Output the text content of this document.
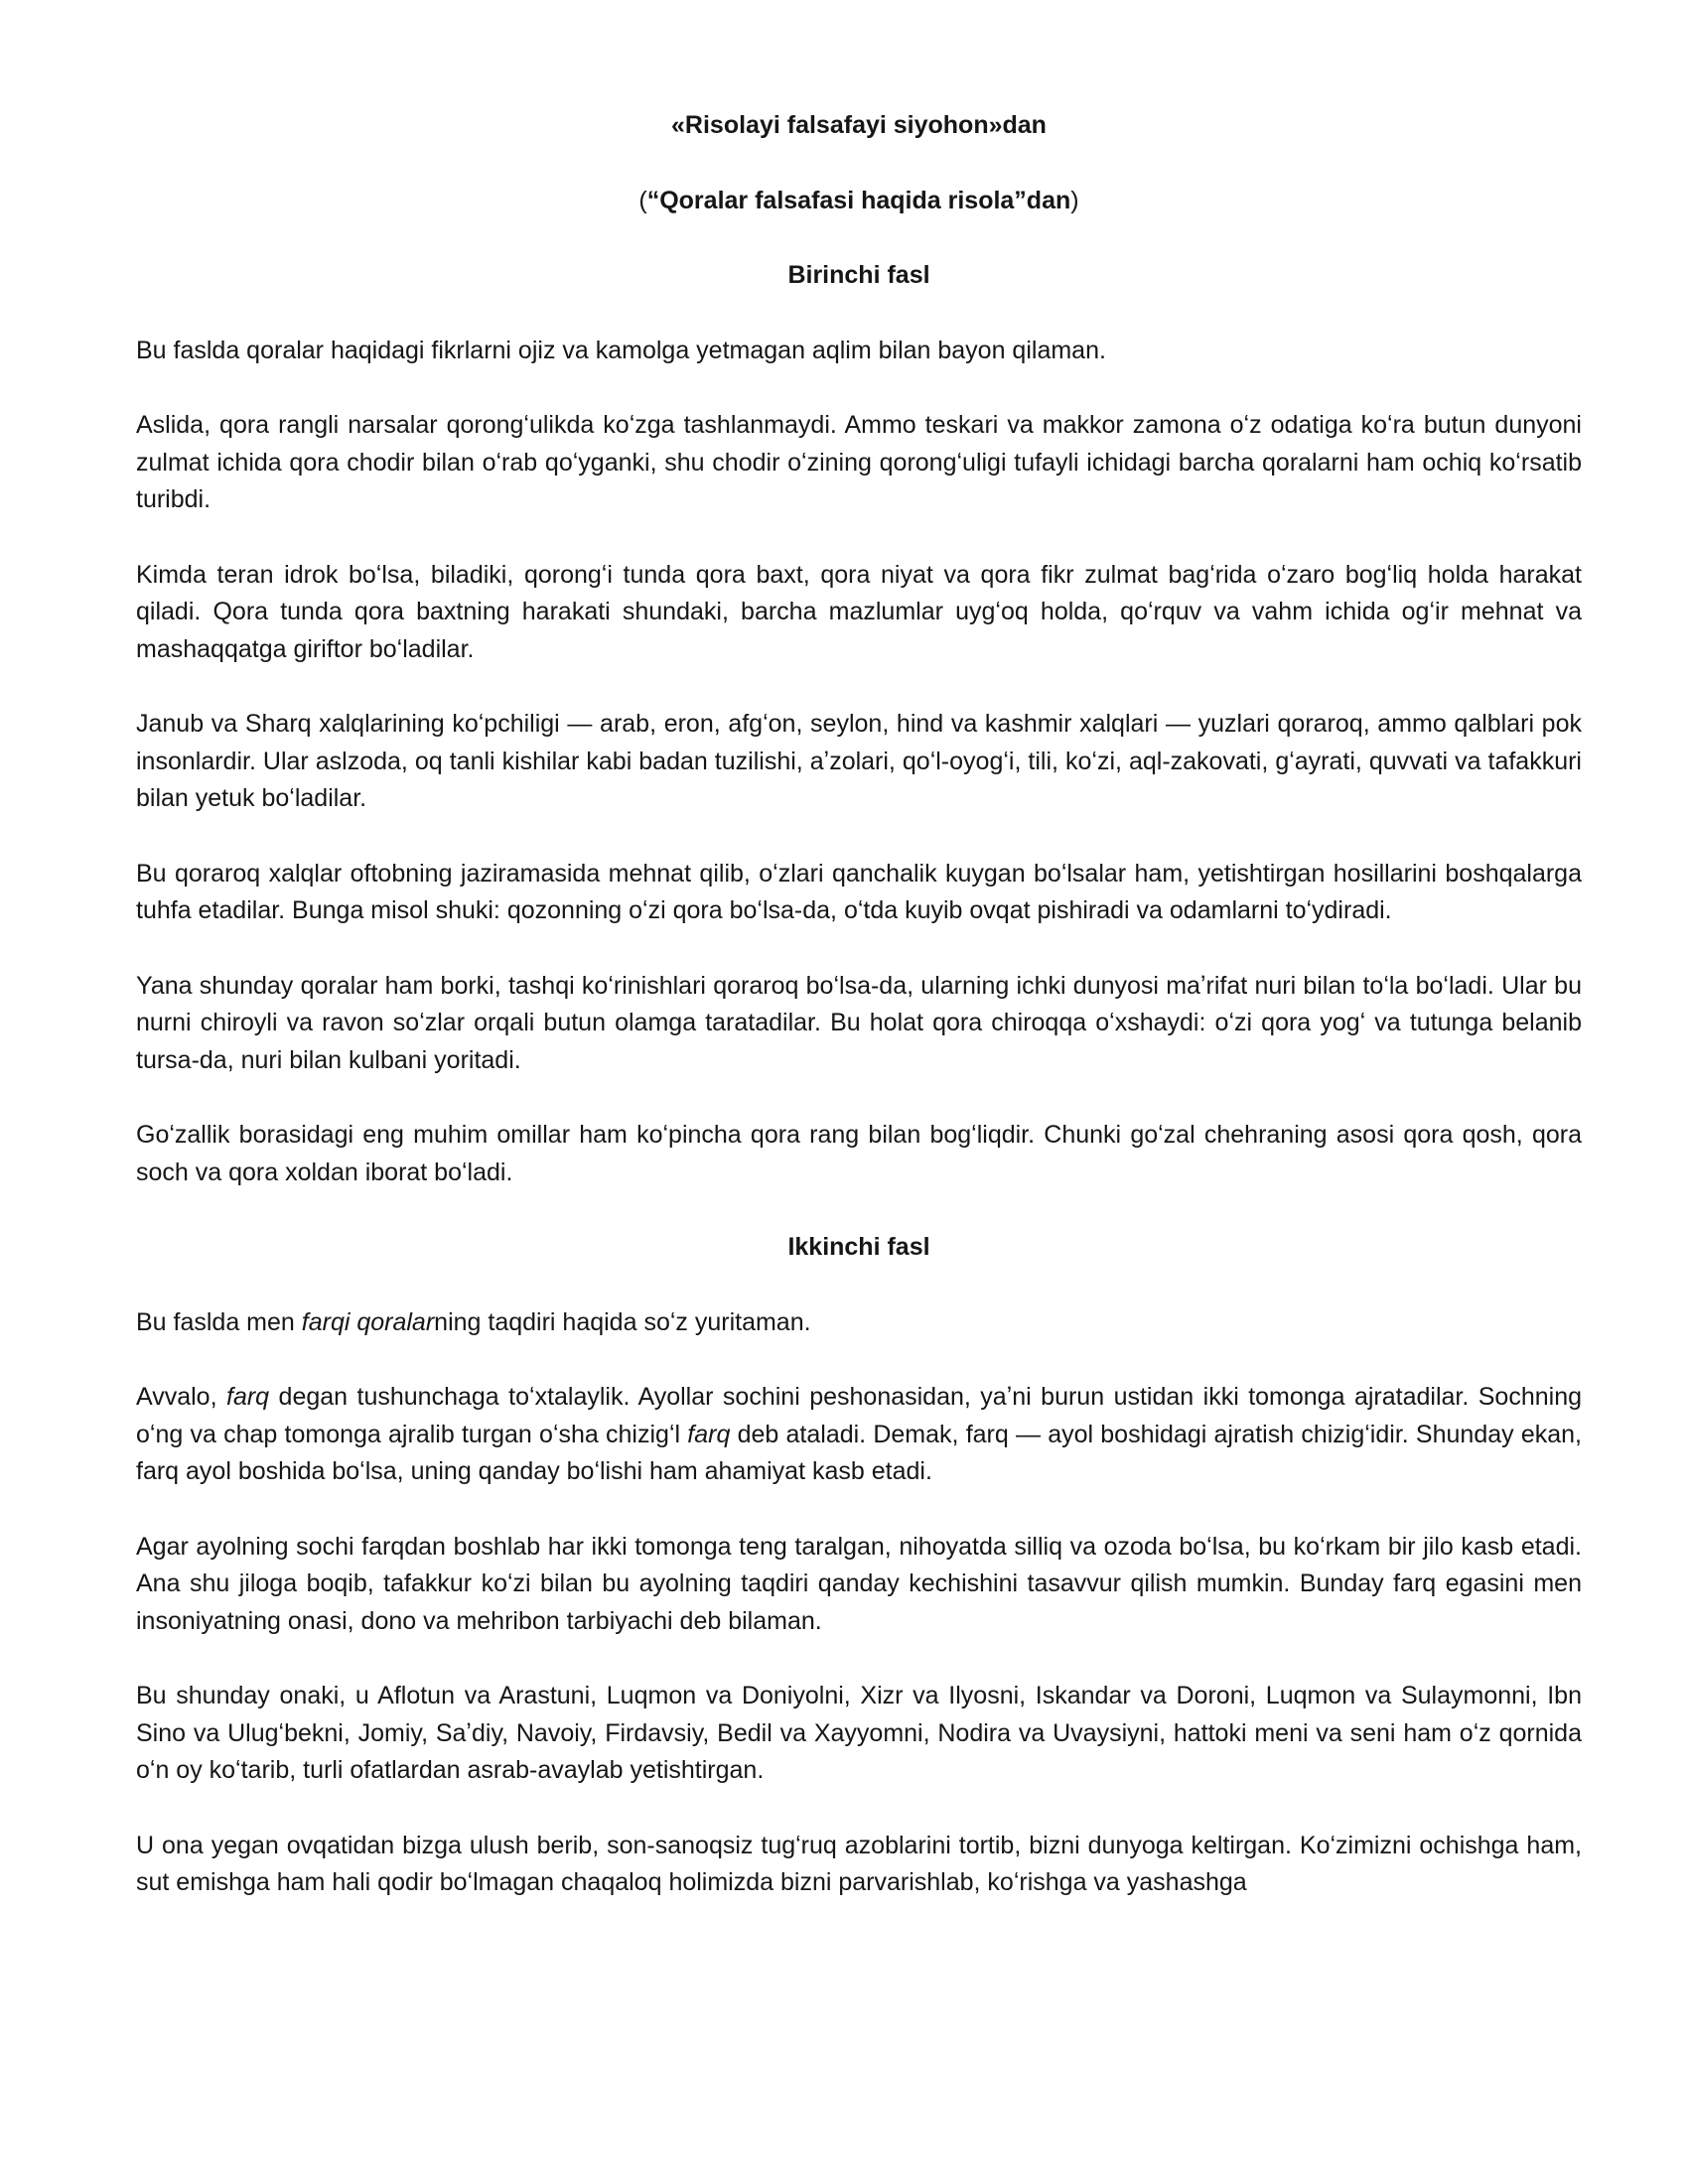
«Risolayi falsafayi siyohon»dan
(“Qoralar falsafasi haqida risola”dan)
Birinchi fasl

Bu faslda qoralar haqidagi fikrlarni ojiz va kamolga yetmagan aqlim bilan bayon qilaman.

Aslida, qora rangli narsalar qorongʻulikda koʻzga tashlanmaydi. Ammo teskari va makkor zamona oʻz odatiga koʻra butun dunyoni zulmat ichida qora chodir bilan oʻrab qoʻyganki, shu chodir oʻzining qorongʻuligi tufayli ichidagi barcha qoralarni ham ochiq koʻrsatib turibdi.

Kimda teran idrok boʻlsa, biladiki, qorongʻi tunda qora baxt, qora niyat va qora fikr zulmat bagʻrida oʻzaro bogʻliq holda harakat qiladi. Qora tunda qora baxtning harakati shundaki, barcha mazlumlar uygʻoq holda, qoʻrquv va vahm ichida ogʻir mehnat va mashaqqatga giriftor boʻladilar.

Janub va Sharq xalqlarining koʻpchiligi — arab, eron, afgʻon, seylon, hind va kashmir xalqlari — yuzlari qoraroq, ammo qalblari pok insonlardir. Ular aslzoda, oq tanli kishilar kabi badan tuzilishi, aʼzolari, qoʻl-oyogʻi, tili, koʻzi, aql-zakovati, gʻayrati, quvvati va tafakkuri bilan yetuk boʻladilar.

Bu qoraroq xalqlar oftobning jaziramasida mehnat qilib, oʻzlari qanchalik kuygan boʻlsalar ham, yetishtirgan hosillarini boshqalarga tuhfa etadilar. Bunga misol shuki: qozonning oʻzi qora boʻlsa-da, oʻtda kuyib ovqat pishiradi va odamlarni toʻydiradi.

Yana shunday qoralar ham borki, tashqi koʻrinishlari qoraroq boʻlsa-da, ularning ichki dunyosi maʼrifat nuri bilan toʻla boʻladi. Ular bu nurni chiroyli va ravon soʻzlar orqali butun olamga taratadilar. Bu holat qora chiroqqa oʻxshaydi: oʻzi qora yogʻ va tutunga belanib tursa-da, nuri bilan kulbani yoritadi.

Goʻzallik borasidagi eng muhim omillar ham koʻpincha qora rang bilan bogʻliqdir. Chunki goʻzal chehraning asosi qora qosh, qora soch va qora xoldan iborat boʻladi.

Ikkinchi fasl

Bu faslda men farqi qoralarning taqdiri haqida soʻz yuritaman.

Avvalo, farq degan tushunchaga toʻxtalaylik. Ayollar sochini peshonasidan, yaʼni burun ustidan ikki tomonga ajratadilar. Sochning oʻng va chap tomonga ajralib turgan oʻsha chizigʻl farq deb ataladi. Demak, farq — ayol boshidagi ajratish chizigʻidir. Shunday ekan, farq ayol boshida boʻlsa, uning qanday boʻlishi ham ahamiyat kasb etadi.

Agar ayolning sochi farqdan boshlab har ikki tomonga teng taralgan, nihoyatda silliq va ozoda boʻlsa, bu koʻrkam bir jilo kasb etadi. Ana shu jiloga boqib, tafakkur koʻzi bilan bu ayolning taqdiri qanday kechishini tasavvur qilish mumkin. Bunday farq egasini men insoniyatning onasi, dono va mehribon tarbiyachi deb bilaman.

Bu shunday onaki, u Aflotun va Arastuni, Luqmon va Doniyolni, Xizr va Ilyosni, Iskandar va Doroni, Luqmon va Sulaymonni, Ibn Sino va Ulugʻbekni, Jomiy, Saʼdiy, Navoiy, Firdavsiy, Bedil va Xayyomni, Nodira va Uvaysiyni, hattoki meni va seni ham oʻz qornida oʻn oy koʻtarib, turli ofatlardan asrab-avaylab yetishtirgan.

U ona yegan ovqatidan bizga ulush berib, son-sanoqsiz tugʻruq azoblarini tortib, bizni dunyoga keltirgan. Koʻzimizni ochishga ham, sut emishga ham hali qodir boʻlmagan chaqaloq holimizda bizni parvarishlab, koʻrishga va yashashga
